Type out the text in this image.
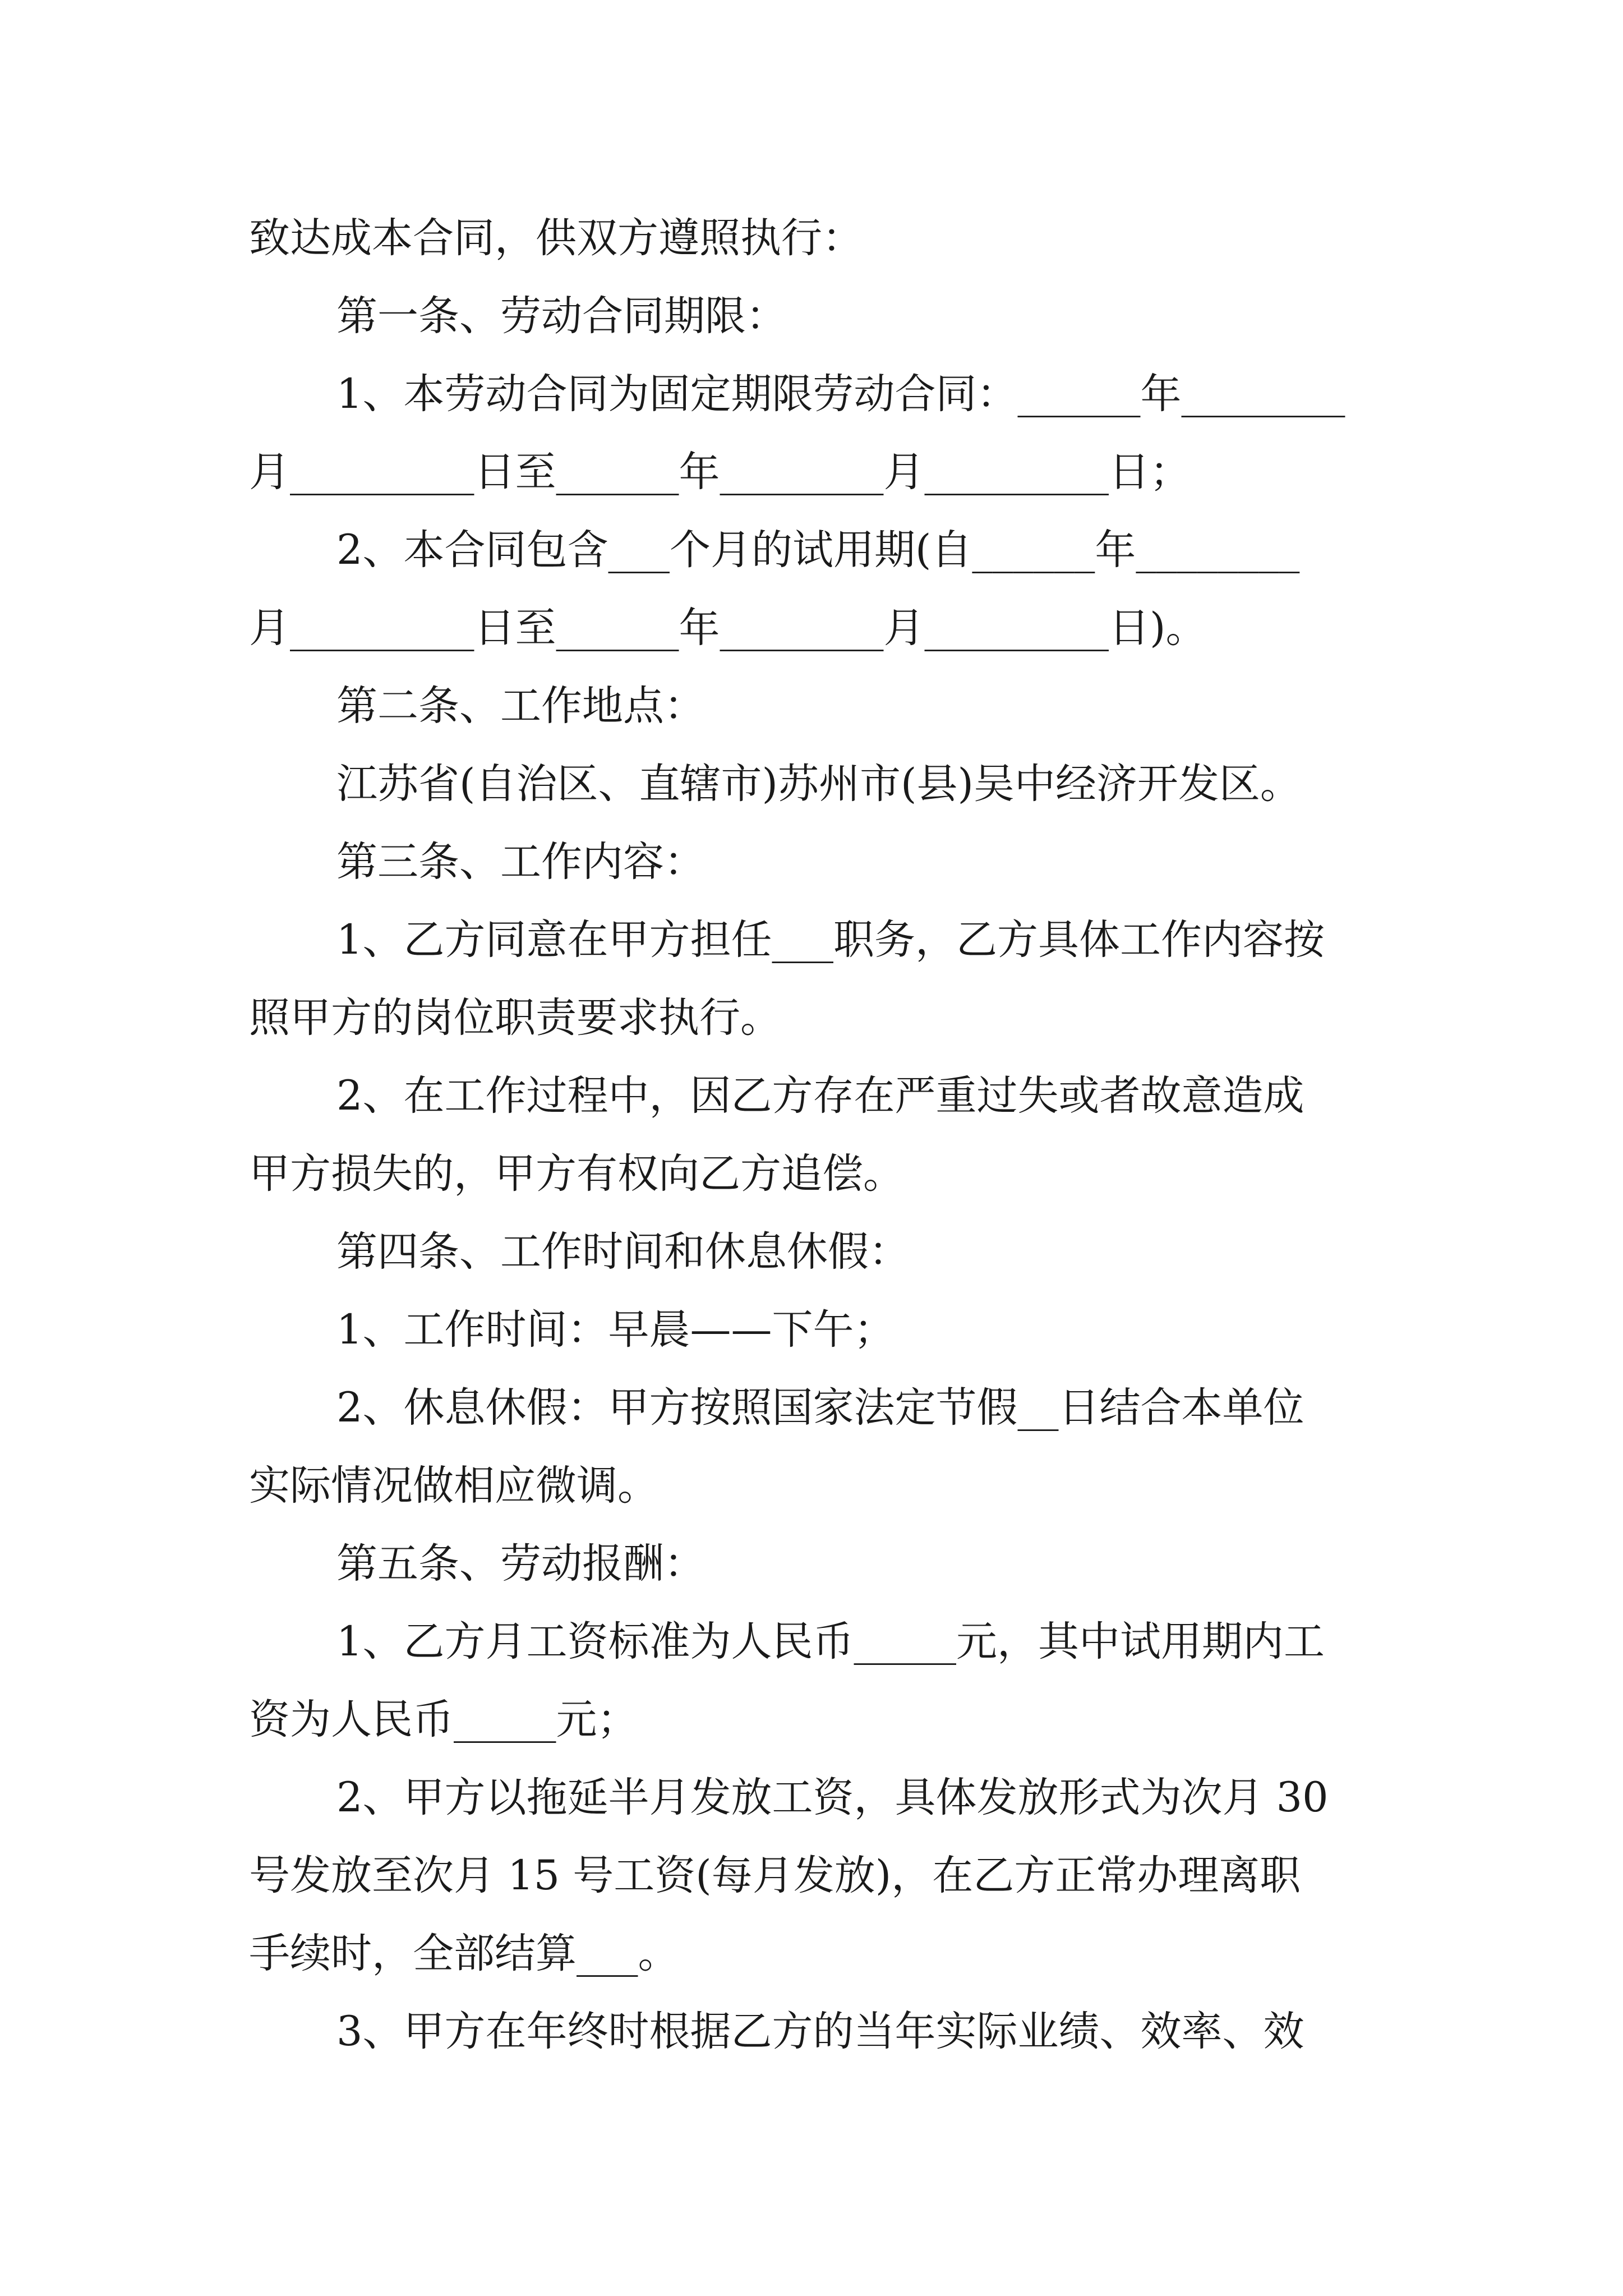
致达成本合同，供双方遵照执行：

第一条、劳动合同期限：

1、本劳动合同为固定期限劳动合同：______年________

月_________日至______年________月_________日；

2、本合同包含___个月的试用期(自______年________

月_________日至______年________月_________日)。

第二条、工作地点：

江苏省(自治区、直辖市)苏州市(县)吴中经济开发区。

第三条、工作内容：

1、乙方同意在甲方担任___职务，乙方具体工作内容按

照甲方的岗位职责要求执行。

2、在工作过程中，因乙方存在严重过失或者故意造成

甲方损失的，甲方有权向乙方追偿。

第四条、工作时间和休息休假：

1、工作时间：早晨——下午；

2、休息休假：甲方按照国家法定节假__日结合本单位

实际情况做相应微调。

第五条、劳动报酬：

1、乙方月工资标准为人民币_____元，其中试用期内工

资为人民币_____元；

2、甲方以拖延半月发放工资，具体发放形式为次月 30

号发放至次月 15 号工资(每月发放)，在乙方正常办理离职

手续时，全部结算___。

3、甲方在年终时根据乙方的当年实际业绩、效率、效
